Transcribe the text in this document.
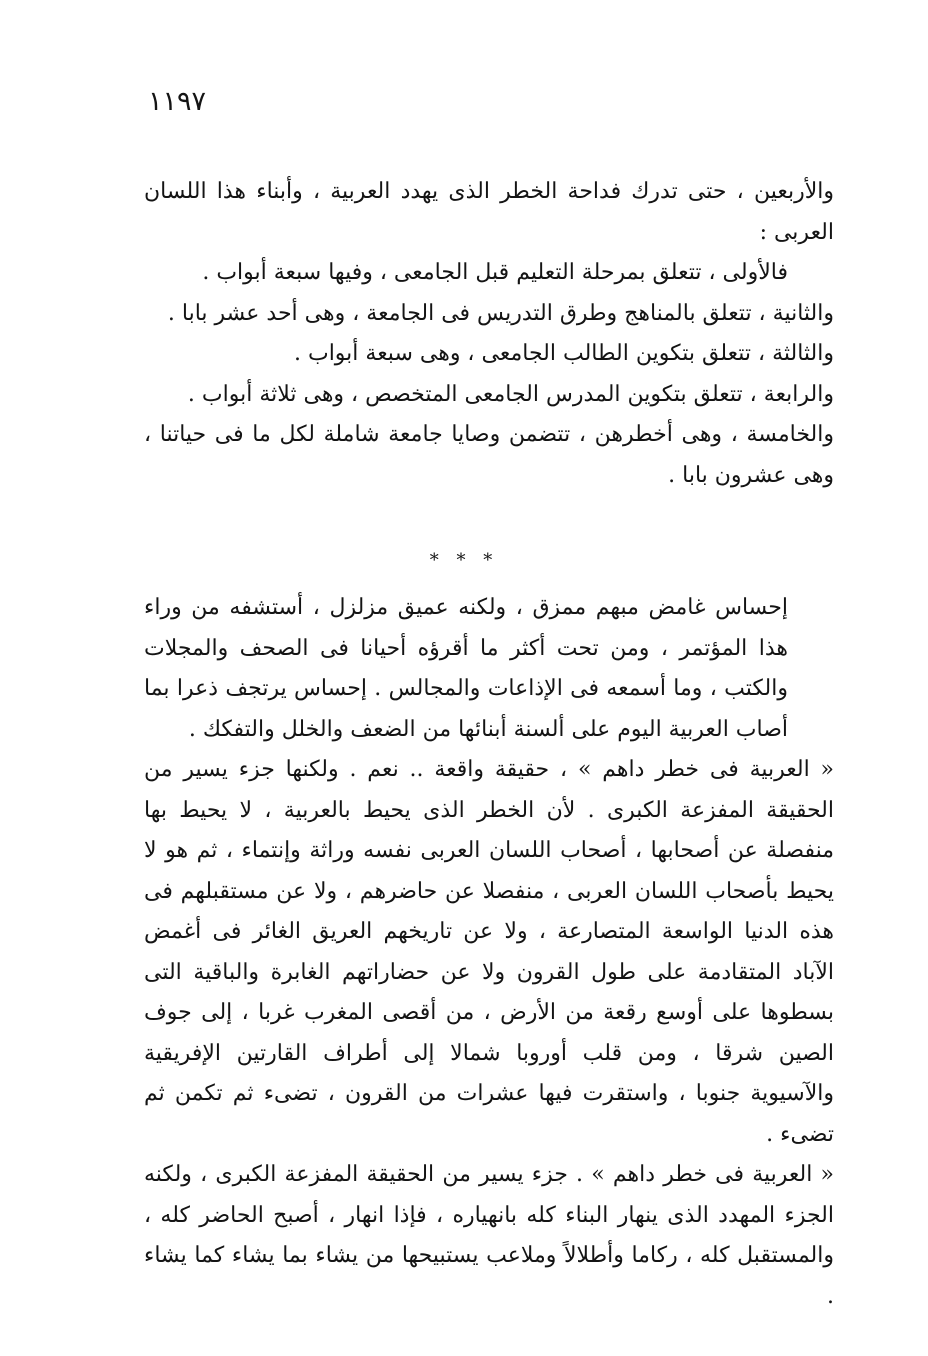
١١٩٧

والأربعين ، حتى تدرك فداحة الخطر الذى يهدد العربية ، وأبناء هذا اللسان العربى :

فالأولى ، تتعلق بمرحلة التعليم قبل الجامعى ، وفيها سبعة أبواب .

والثانية ، تتعلق بالمناهج وطرق التدريس فى الجامعة ، وهى أحد عشر بابا .

والثالثة ، تتعلق بتكوين الطالب الجامعى ، وهى سبعة أبواب .

والرابعة ، تتعلق بتكوين المدرس الجامعى المتخصص ، وهى ثلاثة أبواب .

والخامسة ، وهى أخطرهن ، تتضمن وصايا جامعة شاملة لكل ما فى حياتنا ، وهى عشرون بابا .

* * *

إحساس غامض مبهم ممزق ، ولكنه عميق مزلزل ، أستشفه من وراء هذا المؤتمر ، ومن تحت أكثر ما أقرؤه أحيانا فى الصحف والمجلات والكتب ، وما أسمعه فى الإذاعات والمجالس . إحساس يرتجف ذعرا بما أصاب العربية اليوم على ألسنة أبنائها من الضعف والخلل والتفكك .

« العربية فى خطر داهم » ، حقيقة واقعة .. نعم . ولكنها جزء يسير من الحقيقة المفزعة الكبرى . لأن الخطر الذى يحيط بالعربية ، لا يحيط بها منفصلة عن أصحابها ، أصحاب اللسان العربى نفسه وراثة وإنتماء ، ثم هو لا يحيط بأصحاب اللسان العربى ، منفصلا عن حاضرهم ، ولا عن مستقبلهم فى هذه الدنيا الواسعة المتصارعة ، ولا عن تاريخهم العريق الغائر فى أغمض الآباد المتقادمة على طول القرون ولا عن حضاراتهم الغابرة والباقية التى بسطوها على أوسع رقعة من الأرض ، من أقصى المغرب غربا ، إلى جوف الصين شرقا ، ومن قلب أوروبا شمالا إلى أطراف القارتين الإفريقية والآسيوية جنوبا ، واستقرت فيها عشرات من القرون ، تضىء ثم تكمن ثم تضىء .

« العربية فى خطر داهم » . جزء يسير من الحقيقة المفزعة الكبرى ، ولكنه الجزء المهدد الذى ينهار البناء كله بانهياره ، فإذا انهار ، أصبح الحاضر كله ، والمستقبل كله ، ركاما وأطلالاً وملاعب يستبيحها من يشاء بما يشاء كما يشاء .
